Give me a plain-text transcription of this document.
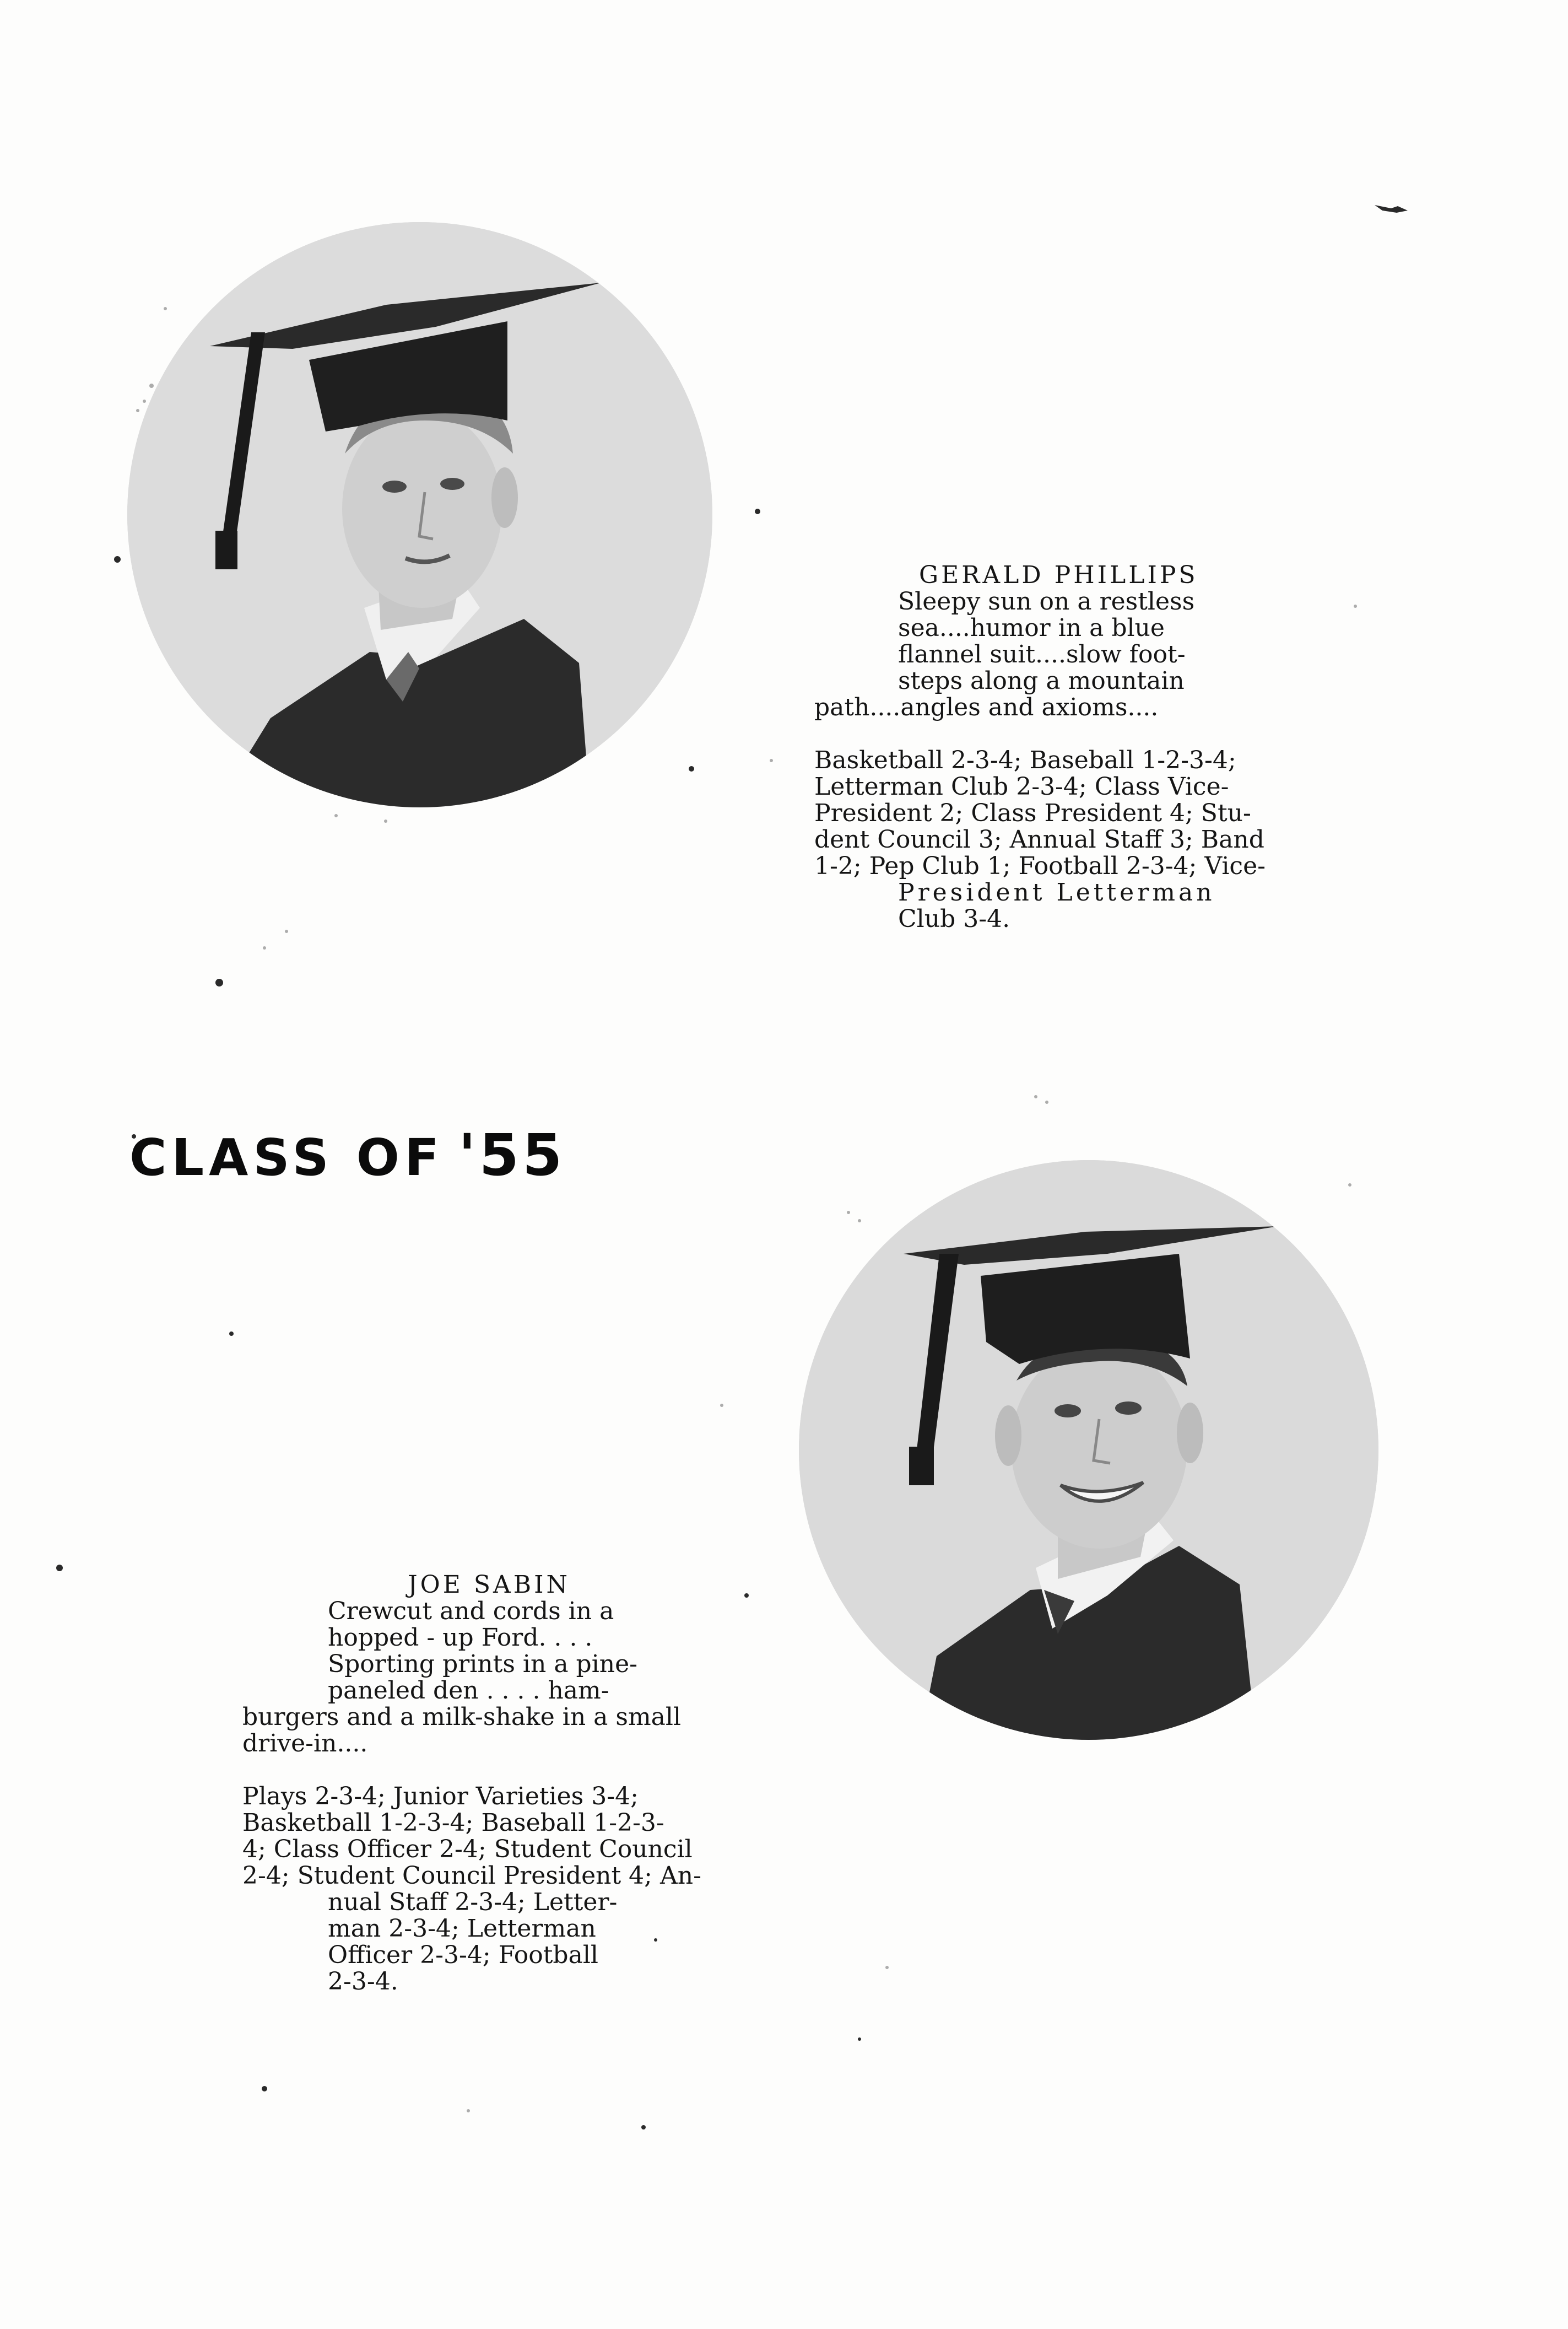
CLASS OF '55
GERALD PHILLIPS
Sleepy sun on a restless
sea....humor in a blue
flannel suit....slow foot-
steps along a mountain
path....angles and axioms....
Basketball 2-3-4; Baseball 1-2-3-4;
Letterman Club 2-3-4; Class Vice-
President 2; Class President 4; Stu-
dent Council 3; Annual Staff 3; Band
1-2; Pep Club 1; Football 2-3-4; Vice-
President Letterman
Club 3-4.
JOE SABIN
Crewcut and cords in a
hopped - up Ford. . . .
Sporting prints in a pine-
paneled den . . . . ham-
burgers and a milk-shake in a small
drive-in....
Plays 2-3-4; Junior Varieties 3-4;
Basketball 1-2-3-4; Baseball 1-2-3-
4; Class Officer 2-4; Student Council
2-4; Student Council President 4; An-
nual Staff 2-3-4; Letter-
man 2-3-4; Letterman
Officer 2-3-4; Football
2-3-4.
